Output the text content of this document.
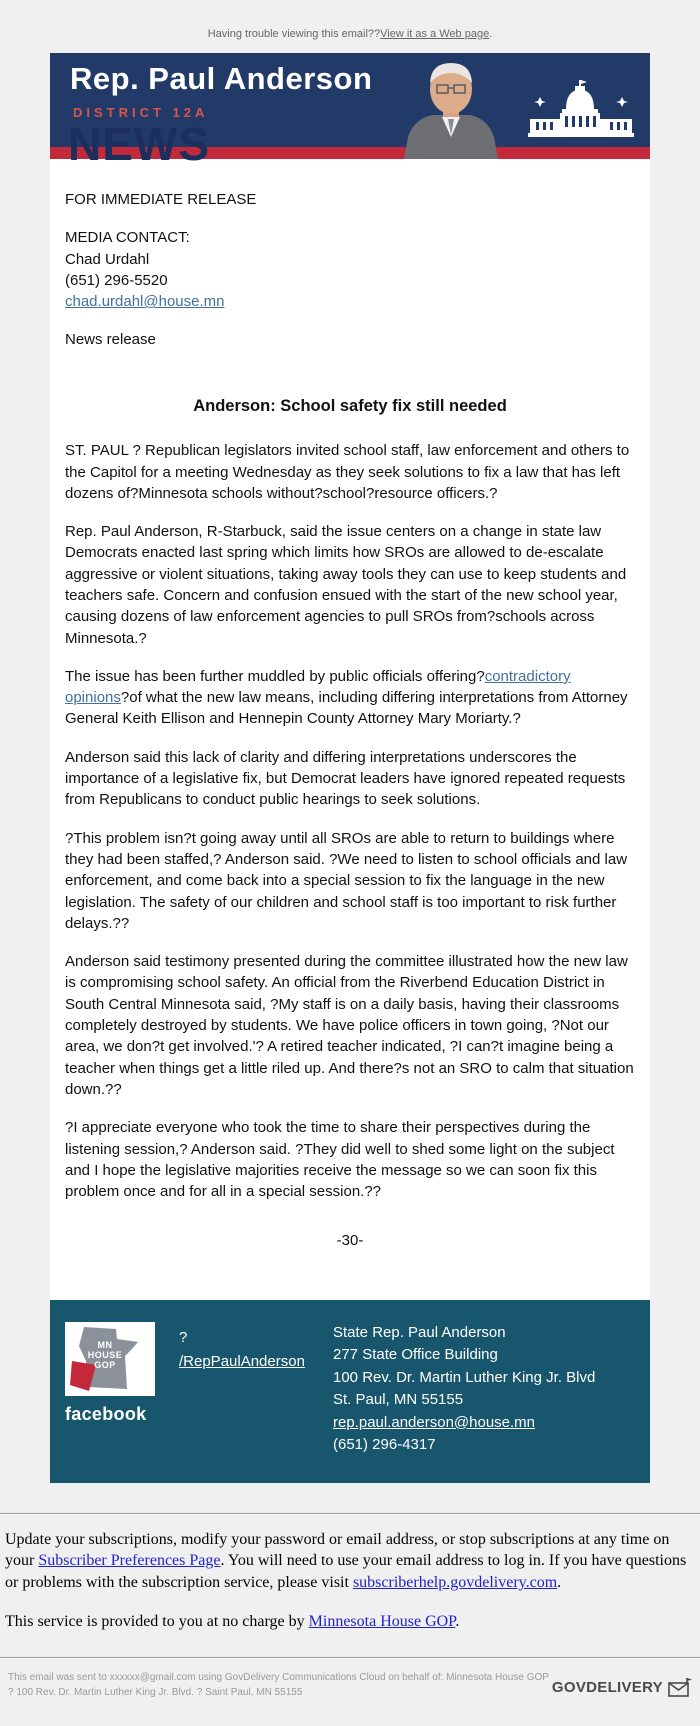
Having trouble viewing this email??View it as a Web page.
Rep. Paul Anderson
DISTRICT 12A
NEWS

FOR IMMEDIATE RELEASE

MEDIA CONTACT:
Chad Urdahl
(651) 296-5520
chad.urdahl@house.mn

News release

Anderson: School safety fix still needed

ST. PAUL ? Republican legislators invited school staff, law enforcement and others to the Capitol for a meeting Wednesday as they seek solutions to fix a law that has left dozens of?Minnesota schools without?school?resource officers.?

Rep. Paul Anderson, R-Starbuck, said the issue centers on a change in state law Democrats enacted last spring which limits how SROs are allowed to de-escalate aggressive or violent situations, taking away tools they can use to keep students and teachers safe. Concern and confusion ensued with the start of the new school year, causing dozens of law enforcement agencies to pull SROs from?schools across Minnesota.?

The issue has been further muddled by public officials offering?contradictory opinions?of what the new law means, including differing interpretations from Attorney General Keith Ellison and Hennepin County Attorney Mary Moriarty.?

Anderson said this lack of clarity and differing interpretations underscores the importance of a legislative fix, but Democrat leaders have ignored repeated requests from Republicans to conduct public hearings to seek solutions.

?This problem isn?t going away until all SROs are able to return to buildings where they had been staffed,? Anderson said. ?We need to listen to school officials and law enforcement, and come back into a special session to fix the language in the new legislation. The safety of our children and school staff is too important to risk further delays.??

Anderson said testimony presented during the committee illustrated how the new law is compromising school safety. An official from the Riverbend Education District in South Central Minnesota said, ?My staff is on a daily basis, having their classrooms completely destroyed by students. We have police officers in town going, ?Not our area, we don?t get involved.'? A retired teacher indicated, ?I can?t imagine being a teacher when things get a little riled up. And there?s not an SRO to calm that situation down.??

?I appreciate everyone who took the time to share their perspectives during the listening session,? Anderson said. ?They did well to shed some light on the subject and I hope the legislative majorities receive the message so we can soon fix this problem once and for all in a special session.??

-30-
MN HOUSE GOP
facebook
?
/RepPaulAnderson
State Rep. Paul Anderson
277 State Office Building
100 Rev. Dr. Martin Luther King Jr. Blvd
St. Paul, MN 55155
rep.paul.anderson@house.mn
(651) 296-4317

Update your subscriptions, modify your password or email address, or stop subscriptions at any time on your Subscriber Preferences Page. You will need to use your email address to log in. If you have questions or problems with the subscription service, please visit subscriberhelp.govdelivery.com.

This service is provided to you at no charge by Minnesota House GOP.

This email was sent to xxxxxx@gmail.com using GovDelivery Communications Cloud on behalf of: Minnesota House GOP ? 100 Rev. Dr. Martin Luther King Jr. Blvd. ? Saint Paul, MN 55155	GOVDELIVERY
